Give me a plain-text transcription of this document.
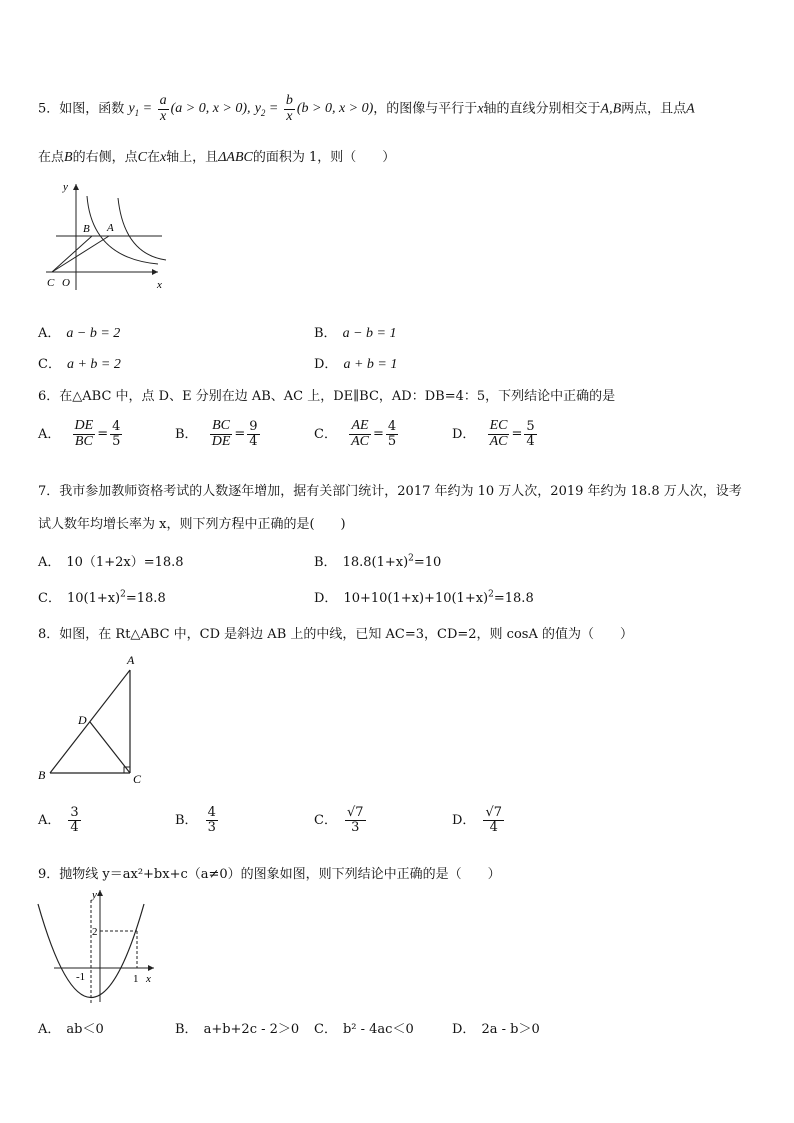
5．如图，函数 $y_1 = \frac{a}{x} (a > 0$, x > 0), $y_2 = \frac{b}{x} (b > 0$, x > 0)，的图像与平行于x轴的直线分别相交于A,B两点，且点A
在点B的右侧，点C在x轴上，且ΔABC的面积为 1，则（　　）
y
B A
C O	x
A． a − b = 2	B． a − b = 1
C． a + b = 2	D． a + b = 1
6．在△ABC 中，点 D、E 分别在边 AB、AC 上，DE∥BC，AD：DB=4：5，下列结论中正确的是
A． $\frac{DE}{BC} = \frac{4}{5}$	B． $\frac{BC}{DE} = \frac{9}{4}$	C． $\frac{AE}{AC} = \frac{4}{5}$	D． $\frac{EC}{AC} = \frac{5}{4}$
7．我市参加教师资格考试的人数逐年增加，据有关部门统计，2017 年约为 10 万人次，2019 年约为 18.8 万人次，设考
试人数年均增长率为 x，则下列方程中正确的是(　　)
A． 10（1+2x）=18.8	B． $18.8(1+x)^2=10$
C． $10(1+x)^2=18.8$	D． $10+10(1+x)+10(1+x)^2=18.8$
8．如图，在 Rt△ABC 中，CD 是斜边 AB 上的中线，已知 AC=3，CD=2，则 cosA 的值为（　　）
A
D
B	C
A． $\frac{3}{4}$	B． $\frac{4}{3}$	C． $\frac{√7}{3}$	D． $\frac{√7}{4}$
9．抛物线 y＝ax²+bx+c（a≠0）的图象如图，则下列结论中正确的是（　　）
y
2
-1	1 x
A． ab＜0	B． a+b+2c - 2＞0 C． b² - 4ac＜0	D． 2a - b＞0
